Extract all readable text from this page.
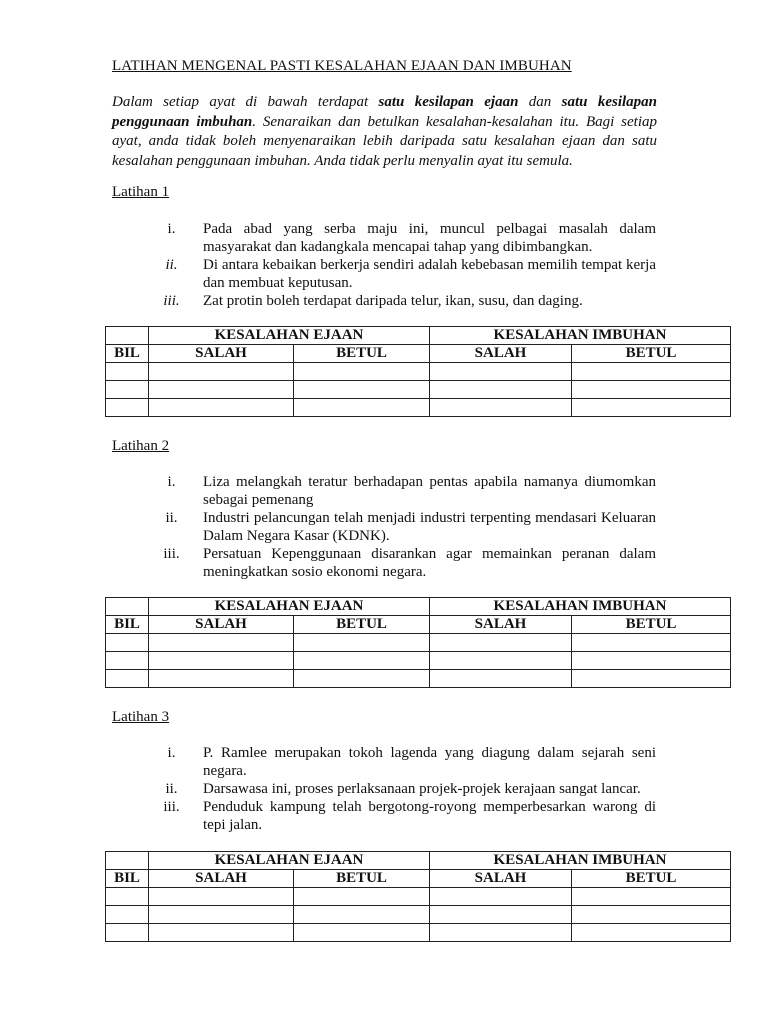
LATIHAN MENGENAL PASTI KESALAHAN EJAAN DAN IMBUHAN
Dalam setiap ayat di bawah terdapat satu kesilapan ejaan dan satu kesilapan penggunaan imbuhan. Senaraikan dan betulkan kesalahan-kesalahan itu. Bagi setiap ayat, anda tidak boleh menyenaraikan lebih daripada satu kesalahan ejaan dan satu kesalahan penggunaan imbuhan. Anda tidak perlu menyalin ayat itu semula.
Latihan 1
i.	Pada abad yang serba maju ini, muncul pelbagai masalah dalam masyarakat dan kadangkala mencapai tahap yang dibimbangkan.
ii.	Di antara kebaikan berkerja sendiri adalah kebebasan memilih tempat kerja dan membuat keputusan.
iii.	Zat protin boleh terdapat daripada telur, ikan, susu, dan daging.
	KESALAHAN EJAAN		KESALAHAN IMBUHAN	
BIL	SALAH	BETUL	SALAH	BETUL

Latihan 2
i.	Liza melangkah teratur berhadapan pentas apabila namanya diumomkan sebagai pemenang
ii.	Industri pelancungan telah menjadi industri terpenting mendasari Keluaran Dalam Negara Kasar (KDNK).
iii.	Persatuan Kepenggunaan disarankan agar memainkan peranan dalam meningkatkan sosio ekonomi negara.
	KESALAHAN EJAAN		KESALAHAN IMBUHAN	
BIL	SALAH	BETUL	SALAH	BETUL

Latihan 3
i.	P. Ramlee merupakan tokoh lagenda yang diagung dalam sejarah seni negara.
ii.	Darsawasa ini, proses perlaksanaan projek-projek kerajaan sangat lancar.
iii.	Penduduk kampung telah bergotong-royong memperbesarkan warong di tepi jalan.
	KESALAHAN EJAAN		KESALAHAN IMBUHAN	
BIL	SALAH	BETUL	SALAH	BETUL
